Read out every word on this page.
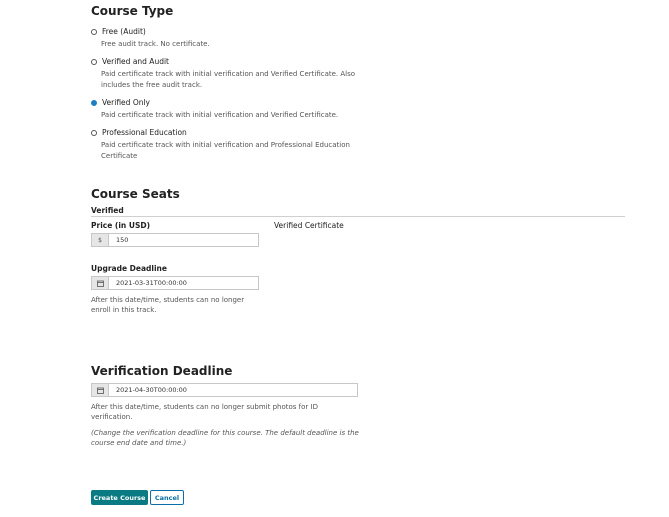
Course Type
Free (Audit)
Free audit track. No certificate.
Verified and Audit
Paid certificate track with initial verification and Verified Certificate. Also
includes the free audit track.
Verified Only
Paid certificate track with initial verification and Verified Certificate.
Professional Education
Paid certificate track with initial verification and Professional Education
Certificate
Course Seats
Verified
Price (in USD)	Verified Certificate
$
150
Upgrade Deadline
2021-03-31T00:00:00
After this date/time, students can no longer
enroll in this track.
Verification Deadline
2021-04-30T00:00:00
After this date/time, students can no longer submit photos for ID
verification.
(Change the verification deadline for this course. The default deadline is the
course end date and time.)
Create Course	Cancel
